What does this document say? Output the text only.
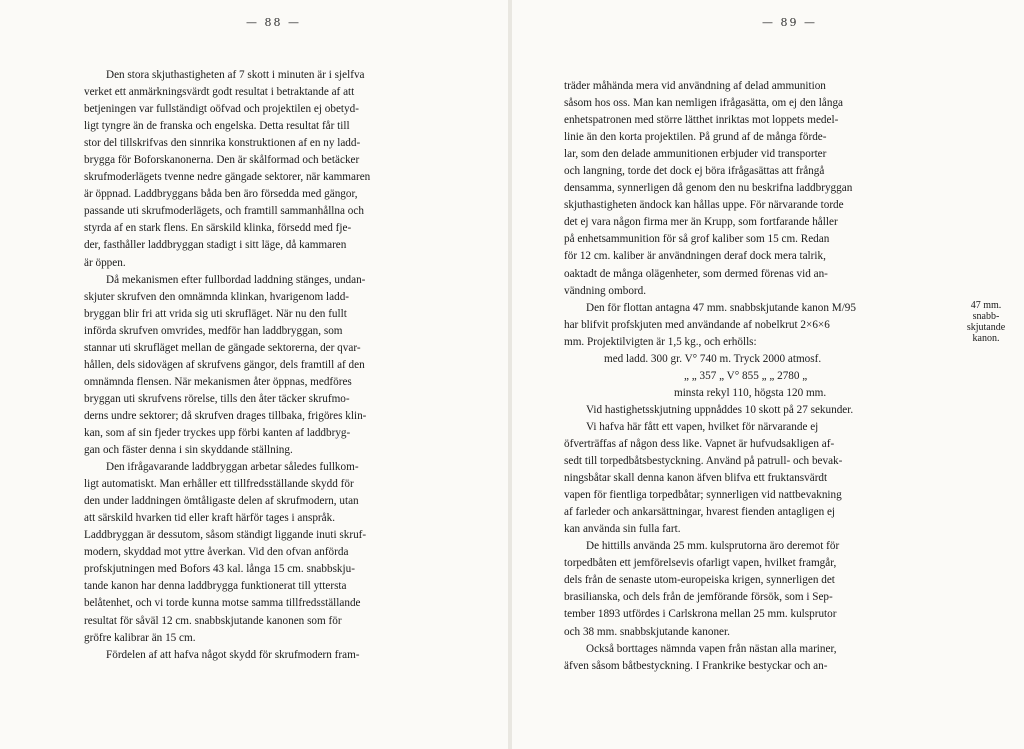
— 88 —
Den stora skjuthastigheten af 7 skott i minuten är i sjelfva
verket ett anmärkningsvärdt godt resultat i betraktande af att
betjeningen var fullständigt oöfvad och projektilen ej obetyd-
ligt tyngre än de franska och engelska. Detta resultat får till
stor del tillskrifvas den sinnrika konstruktionen af en ny ladd-
brygga för Boforskanonerna. Den är skålformad och betäcker
skrufmoderlägets tvenne nedre gängade sektorer, när kammaren
är öppnad. Laddbryggans båda ben äro försedda med gängor,
passande uti skrufmoderlägets, och framtill sammanhållna och
styrda af en stark flens. En särskild klinka, försedd med fje-
der, fasthåller laddbryggan stadigt i sitt läge, då kammaren
är öppen.
Då mekanismen efter fullbordad laddning stänges, undan-
skjuter skrufven den omnämnda klinkan, hvarigenom ladd-
bryggan blir fri att vrida sig uti skrufläget. När nu den fullt
införda skrufven omvrides, medför han laddbryggan, som
stannar uti skrufläget mellan de gängade sektorerna, der qvar-
hållen, dels sidovägen af skrufvens gängor, dels framtill af den
omnämnda flensen. När mekanismen åter öppnas, medföres
bryggan uti skrufvens rörelse, tills den åter täcker skrufmo-
derns undre sektorer; då skrufven drages tillbaka, frigöres klin-
kan, som af sin fjeder tryckes upp förbi kanten af laddbryg-
gan och fäster denna i sin skyddande ställning.
Den ifrågavarande laddbryggan arbetar således fullkom-
ligt automatiskt. Man erhåller ett tillfredsställande skydd för
den under laddningen ömtåligaste delen af skrufmodern, utan
att särskild hvarken tid eller kraft härför tages i anspråk.
Laddbryggan är dessutom, såsom ständigt liggande inuti skruf-
modern, skyddad mot yttre åverkan. Vid den ofvan anförda
profskjutningen med Bofors 43 kal. långa 15 cm. snabbskju-
tande kanon har denna laddbrygga funktionerat till yttersta
belåtenhet, och vi torde kunna motse samma tillfredsställande
resultat för såväl 12 cm. snabbskjutande kanonen som för
gröfre kalibrar än 15 cm.
Fördelen af att hafva något skydd för skrufmodern fram-
— 89 —
träder måhända mera vid användning af delad ammunition
såsom hos oss. Man kan nemligen ifrågasätta, om ej den långa
enhetspatronen med större lätthet inriktas mot loppets medel-
linie än den korta projektilen. På grund af de många förde-
lar, som den delade ammunitionen erbjuder vid transporter
och langning, torde det dock ej böra ifrågasättas att frångå
densamma, synnerligen då genom den nu beskrifna laddbryggan
skjuthastigheten ändock kan hållas uppe. För närvarande torde
det ej vara någon firma mer än Krupp, som fortfarande håller
på enhetsammunition för så grof kaliber som 15 cm. Redan
för 12 cm. kaliber är användningen deraf dock mera talrik,
oaktadt de många olägenheter, som dermed förenas vid an-
vändning ombord.
Den för flottan antagna 47 mm. snabbskjutande kanon M/95
har blifvit profskjuten med användande af nobelkrut 2×6×6
mm. Projektilvigten är 1,5 kg., och erhölls:
med ladd. 300 gr. V° 740 m. Tryck 2000 atmosf.
„ „ 357 „ V° 855 „ „ 2780 „
minsta rekyl 110, högsta 120 mm.
Vid hastighetsskjutning uppnåddes 10 skott på 27 sekunder.
Vi hafva här fått ett vapen, hvilket för närvarande ej
öfverträffas af någon dess like. Vapnet är hufvudsakligen af-
sedt till torpedbåtsbestyckning. Använd på patrull- och bevak-
ningsbåtar skall denna kanon äfven blifva ett fruktansvärdt
vapen för fientliga torpedbåtar; synnerligen vid nattbevakning
af farleder och ankarsättningar, hvarest fienden antagligen ej
kan använda sin fulla fart.
De hittills använda 25 mm. kulsprutorna äro deremot för
torpedbåten ett jemförelsevis ofarligt vapen, hvilket framgår,
dels från de senaste utom-europeiska krigen, synnerligen det
brasilianska, och dels från de jemförande försök, som i Sep-
tember 1893 utfördes i Carlskrona mellan 25 mm. kulsprutor
och 38 mm. snabbskjutande kanoner.
Också borttages nämnda vapen från nästan alla mariner,
äfven såsom båtbestyckning. I Frankrike bestyckar och an-
47 mm.
snabb-
skjutande
kanon.
